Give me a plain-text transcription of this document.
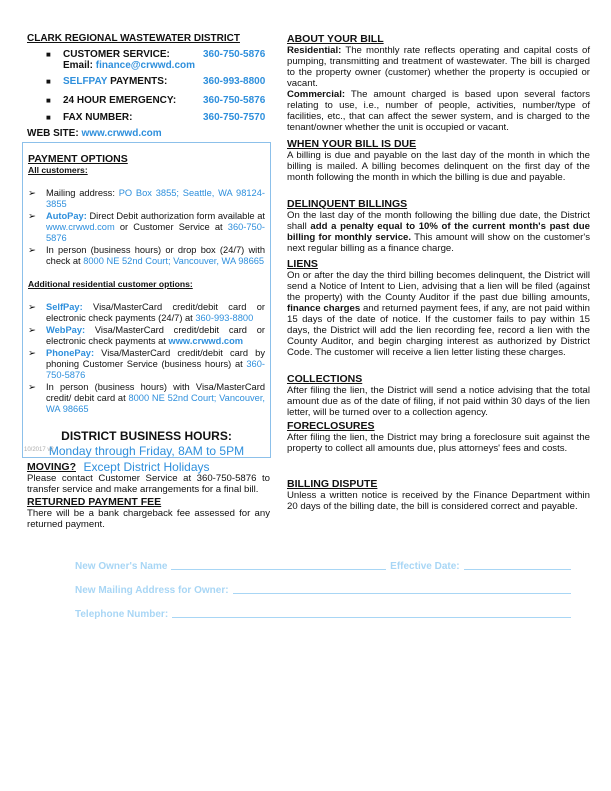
CLARK REGIONAL WASTEWATER DISTRICT
■ CUSTOMER SERVICE:	360-750-5876

Email: finance@crwwd.com
■ SELFPAY PAYMENTS:	360-993-8800
■ 24 HOUR EMERGENCY:	360-750-5876
■ FAX NUMBER:	360-750-7570
WEB SITE: www.crwwd.com
PAYMENT OPTIONS
All customers:
➢ Mailing address: PO Box 3855; Seattle, WA 98124-3855
➢ AutoPay: Direct Debit authorization form available at www.crwwd.com or Customer Service at 360-750-5876
➢ In person (business hours) or drop box (24/7) with check at 8000 NE 52nd Court; Vancouver, WA 98665
Additional residential customer options:
➢ SelfPay: Visa/MasterCard credit/debit card or electronic check payments (24/7) at 360-993-8800
➢ WebPay: Visa/MasterCard credit/debit card or electronic check payments at www.crwwd.com
➢ PhonePay: Visa/MasterCard credit/debit card by phoning Customer Service (business hours) at 360-750-5876
➢ In person (business hours) with Visa/MasterCard credit/ debit card at 8000 NE 52nd Court; Vancouver, WA 98665
DISTRICT BUSINESS HOURS:
Monday through Friday, 8AM to 5PM
Except District Holidays
10/2017 v2
MOVING?
Please contact Customer Service at 360-750-5876 to transfer service and make arrangements for a final bill.
RETURNED PAYMENT FEE
There will be a bank chargeback fee assessed for any returned payment.
ABOUT YOUR BILL
Residential: The monthly rate reflects operating and capital costs of pumping, transmitting and treatment of wastewater. The bill is charged to the property owner (customer) whether the property is occupied or vacant.
Commercial: The amount charged is based upon several factors relating to use, i.e., number of people, activities, number/type of facilities, etc., that can affect the sewer system, and is charged to the tenant/owner whether the unit is occupied or vacant.
WHEN YOUR BILL IS DUE
A billing is due and payable on the last day of the month in which the billing is mailed. A billing becomes delinquent on the first day of the month following the month in which the billing is due and payable.
DELINQUENT BILLINGS
On the last day of the month following the billing due date, the District shall add a penalty equal to 10% of the current month's past due billing for monthly service. This amount will show on the customer's next regular billing as a finance charge.
LIENS
On or after the day the third billing becomes delinquent, the District will send a Notice of Intent to Lien, advising that a lien will be filed (against the property) with the County Auditor if the past due billing amounts, finance charges and returned payment fees, if any, are not paid within 15 days of the date of notice. If the customer fails to pay within 15 days, the District will add the lien recording fee, record a lien with the County Auditor, and begin charging interest as authorized by District Code. The customer will receive a lien letter listing these charges.
COLLECTIONS
After filing the lien, the District will send a notice advising that the total amount due as of the date of filing, if not paid within 30 days of the lien letter, will be turned over to a collection agency.
FORECLOSURES
After filing the lien, the District may bring a foreclosure suit against the property to collect all amounts due, plus attorneys' fees and costs.
BILLING DISPUTE
Unless a written notice is received by the Finance Department within 20 days of the billing date, the bill is considered correct and payable.
New Owner's Name	Effective Date:
New Mailing Address for Owner:
Telephone Number:
